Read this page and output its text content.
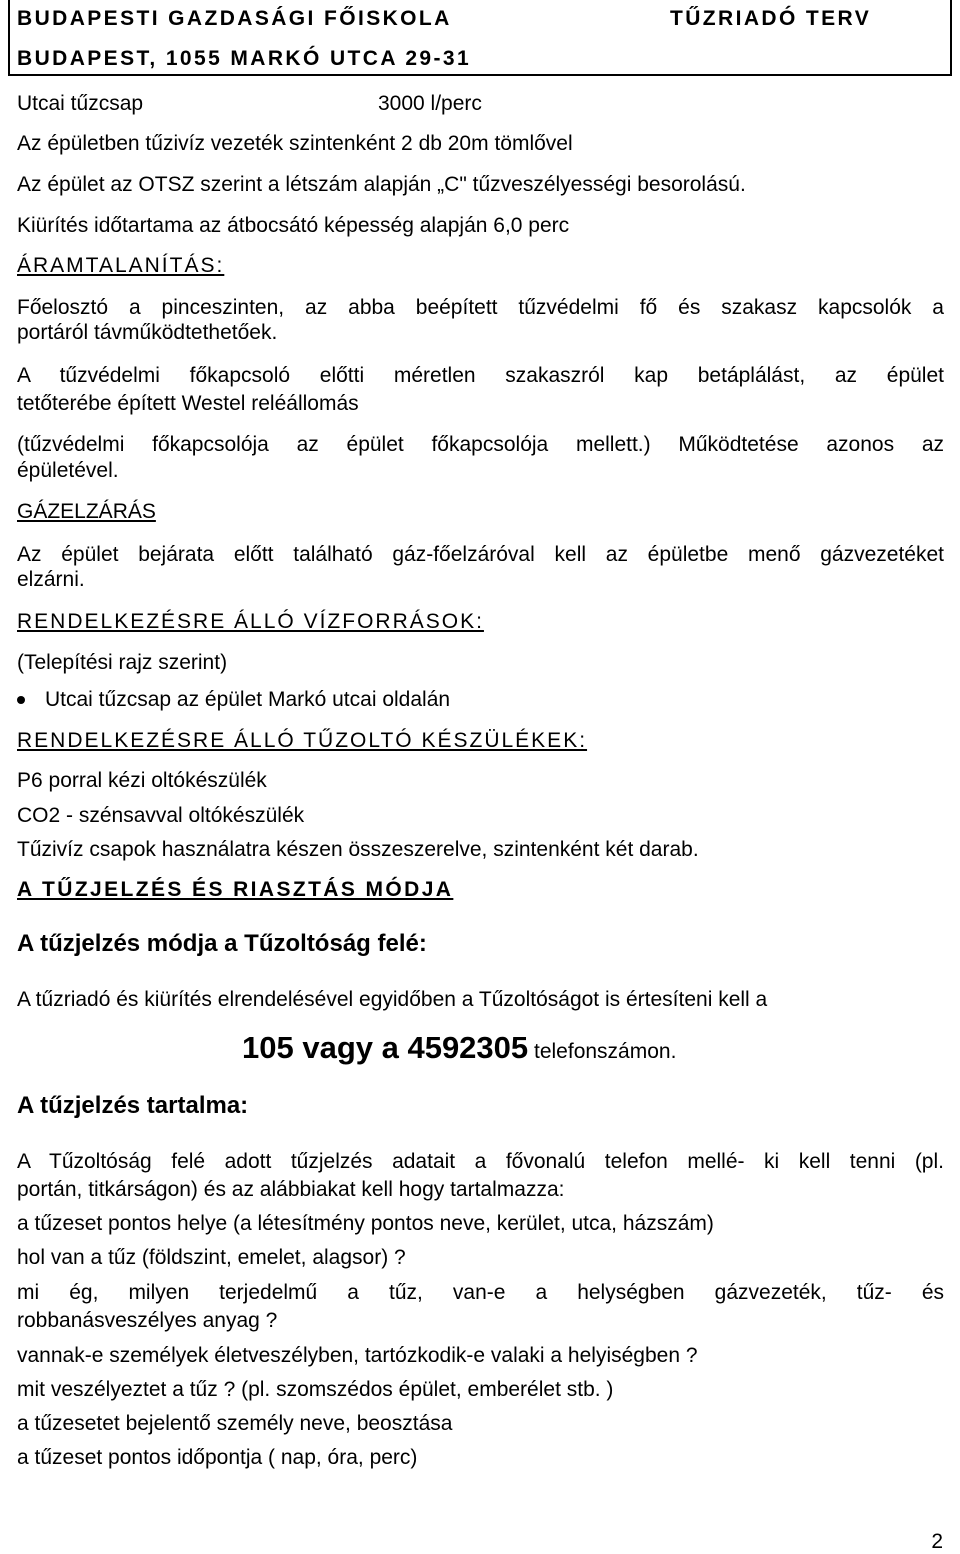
BUDAPESTI GAZDASÁGI FŐISKOLA	TŰZRIADÓ TERV
BUDAPEST, 1055 MARKÓ UTCA 29-31
Utcai tűzcsap	3000 l/perc
Az épületben tűzivíz vezeték szintenként 2 db 20m tömlővel
Az épület az OTSZ szerint a létszám alapján „C" tűzveszélyességi besorolású.
Kiürítés időtartama az átbocsátó képesség alapján 6,0 perc
ÁRAMTALANÍTÁS:
Főelosztó a pinceszinten, az abba beépített tűzvédelmi fő és szakasz kapcsolók a
portáról távműködtethetőek.
A tűzvédelmi főkapcsoló előtti méretlen szakaszról kap betáplálást, az épület
tetőterébe épített Westel reléállomás
(tűzvédelmi főkapcsolója az épület főkapcsolója mellett.) Működtetése azonos az
épületével.
GÁZELZÁRÁS
Az épület bejárata előtt található gáz-főelzáróval kell az épületbe menő gázvezetéket
elzárni.
RENDELKEZÉSRE ÁLLÓ VÍZFORRÁSOK:
(Telepítési rajz szerint)
Utcai tűzcsap az épület Markó utcai oldalán
RENDELKEZÉSRE ÁLLÓ TŰZOLTÓ KÉSZÜLÉKEK:
P6 porral kézi oltókészülék
CO2 - szénsavval oltókészülék
Tűzivíz csapok használatra készen összeszerelve, szintenként két darab.
A TŰZJELZÉS ÉS RIASZTÁS MÓDJA
A tűzjelzés módja a Tűzoltóság felé:
A tűzriadó és kiürítés elrendelésével egyidőben a Tűzoltóságot is értesíteni kell a
105 vagy a 4592305 telefonszámon.
A tűzjelzés tartalma:
A Tűzoltóság felé adott tűzjelzés adatait a fővonalú telefon mellé- ki kell tenni (pl.
portán, titkárságon) és az alábbiakat kell hogy tartalmazza:
a tűzeset pontos helye (a létesítmény pontos neve, kerület, utca, házszám)
hol van a tűz (földszint, emelet, alagsor) ?
mi ég, milyen terjedelmű a tűz, van-e a helységben gázvezeték, tűz- és
robbanásveszélyes anyag ?
vannak-e személyek életveszélyben, tartózkodik-e valaki a helyiségben ?
mit veszélyeztet a tűz ? (pl. szomszédos épület, emberélet stb. )
a tűzesetet bejelentő személy neve, beosztása
a tűzeset pontos időpontja ( nap, óra, perc)
2
